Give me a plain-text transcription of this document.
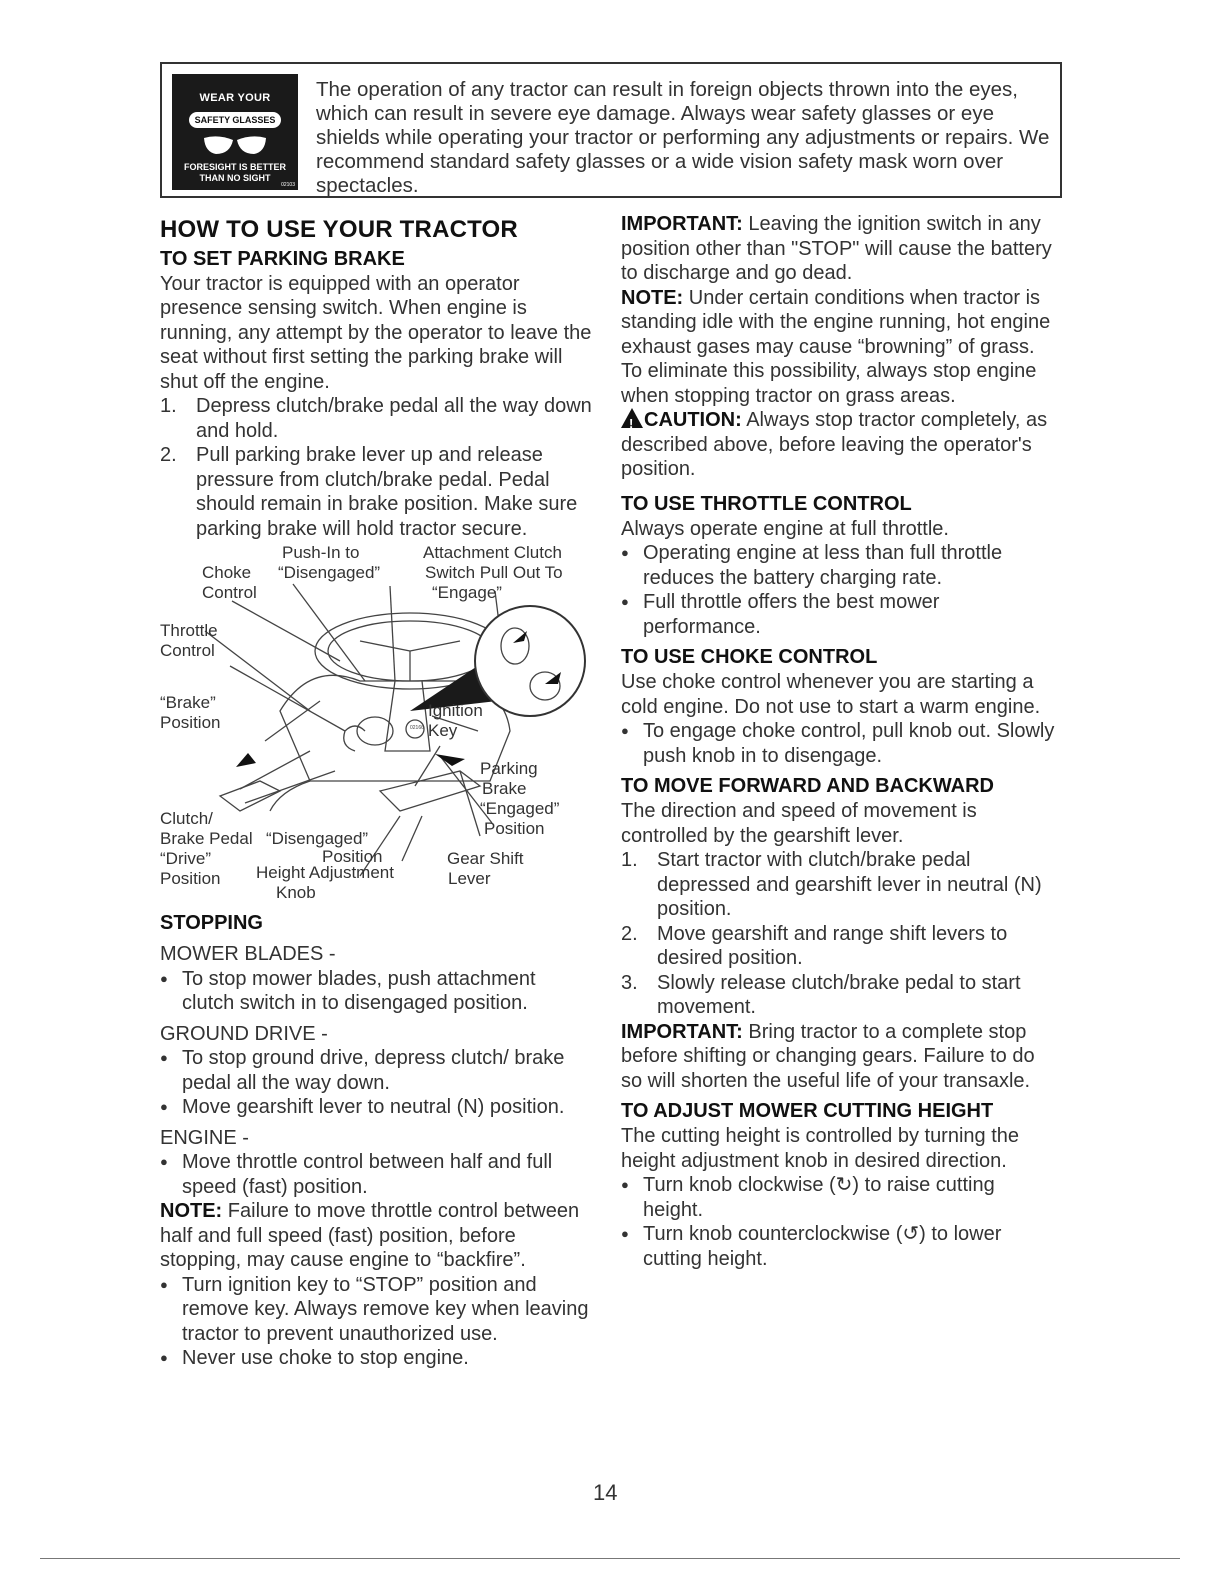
WEAR YOUR
SAFETY GLASSES
FORESIGHT IS BETTER
THAN NO SIGHT
02103
The operation of any tractor can result in foreign objects thrown into the eyes, which can result in severe eye damage. Always wear safety glasses or eye shields while operating your tractor or performing any adjustments or repairs. We recommend standard safety glasses or a wide vision safety mask worn over spectacles.
HOW TO USE YOUR TRACTOR
TO SET PARKING BRAKE

Your tractor is equipped with an operator presence sensing switch. When engine is running, any attempt by the operator to leave the seat without first setting the parking brake will shut off the engine.

1. Depress clutch/brake pedal all the way down and hold.
2. Pull parking brake lever up and release pressure from clutch/brake pedal. Pedal should remain in brake position. Make sure parking brake will hold tractor secure.
02166
Push-In to	Attachment Clutch
Choke “Disengaged”	Switch Pull Out To
Control	“Engage”
Throttle
Control
“Brake”
Position
Ignition
Key
Parking
Brake
“Engaged”
Position
Clutch/
Brake Pedal “Disengaged”
Position
“Drive”
Position Height Adjustment
Knob
Gear Shift
Lever
STOPPING

MOWER BLADES -

● To stop mower blades, push attachment clutch switch in to disengaged position.

GROUND DRIVE -

● To stop ground drive, depress clutch/ brake pedal all the way down.
● Move gearshift lever to neutral (N) position.

ENGINE -

● Move throttle control between half and full speed (fast) position.

NOTE: Failure to move throttle control between half and full speed (fast) position, before stopping, may cause engine to “backfire”.

● Turn ignition key to “STOP” position and remove key. Always remove key when leaving tractor to prevent unauthorized use.
● Never use choke to stop engine.

IMPORTANT: Leaving the ignition switch in any position other than "STOP" will cause the battery to discharge and go dead.

NOTE: Under certain conditions when tractor is standing idle with the engine running, hot engine exhaust gases may cause “browning” of grass. To eliminate this possibility, always stop engine when stopping tractor on grass areas.

!CAUTION: Always stop tractor completely, as described above, before leaving the operator's position.

TO USE THROTTLE CONTROL

Always operate engine at full throttle.

● Operating engine at less than full throttle reduces the battery charging rate.
● Full throttle offers the best mower performance.
TO USE CHOKE CONTROL

Use choke control whenever you are starting a cold engine. Do not use to start a warm engine.

● To engage choke control, pull knob out. Slowly push knob in to disengage.
TO MOVE FORWARD AND BACKWARD

The direction and speed of movement is controlled by the gearshift lever.

1. Start tractor with clutch/brake pedal depressed and gearshift lever in neutral (N) position.
2. Move gearshift and range shift levers to desired position.
3. Slowly release clutch/brake pedal to start movement.

IMPORTANT: Bring tractor to a complete stop before shifting or changing gears. Failure to do so will shorten the useful life of your transaxle.

TO ADJUST MOWER CUTTING HEIGHT

The cutting height is controlled by turning the height adjustment knob in desired direction.

● Turn knob clockwise (↻) to raise cutting height.
● Turn knob counterclockwise (↺) to lower cutting height.
14
